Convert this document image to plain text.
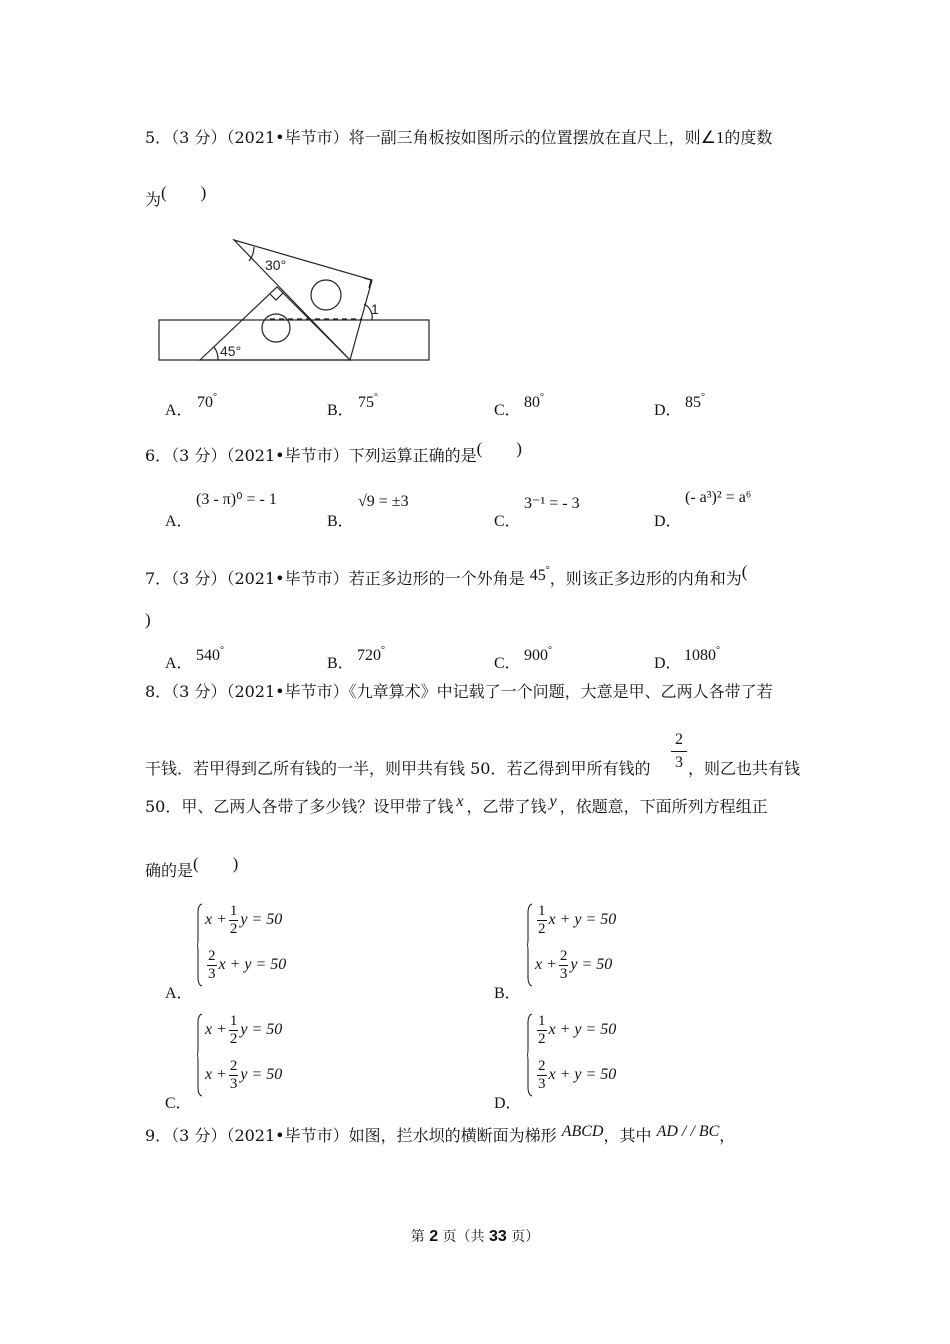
5．（3 分）（2021•毕节市）将一副三角板按如图所示的位置摆放在直尺上，则∠1的度数
为(　　)
30°
45°
1
A． 70°
B． 75°
C． 80°
D． 85°
6．（3 分）（2021•毕节市）下列运算正确的是(　　)
A．
(3 - π)⁰ = - 1
B．
√9 = ±3
C．
3⁻¹ = - 3
D．
(- a³)² = a⁶
7．（3 分）（2021•毕节市）若正多边形的一个外角是 45°，则该正多边形的内角和为(
)
A． 540°
B． 720°
C． 900°
D． 1080°
8．（3 分）（2021•毕节市）《九章算术》中记载了一个问题，大意是甲、乙两人各带了若
干钱．若甲得到乙所有钱的一半，则甲共有钱 50．若乙得到甲所有钱的
2
3 ，则乙也共有钱
50．甲、乙两人各带了多少钱？设甲带了钱 x ，乙带了钱 y ，依题意，下面所列方程组正
确的是(　　)
A．
$x + \frac{1}{2}$ y = 50
$\frac{2}{3}$ x + y = 50
B．
$\frac{1}{2}$ x + y = 50
$x + \frac{2}{3}$ y = 50
C．
$x + \frac{1}{2}$ y = 50
$x + \frac{2}{3}$ y = 50
D．
$\frac{1}{2}$ x + y = 50
$\frac{2}{3}$ x + y = 50
9．（3 分）（2021•毕节市）如图，拦水坝的横断面为梯形 ABCD，其中 AD / / BC，
第 2 页（共 33 页）
